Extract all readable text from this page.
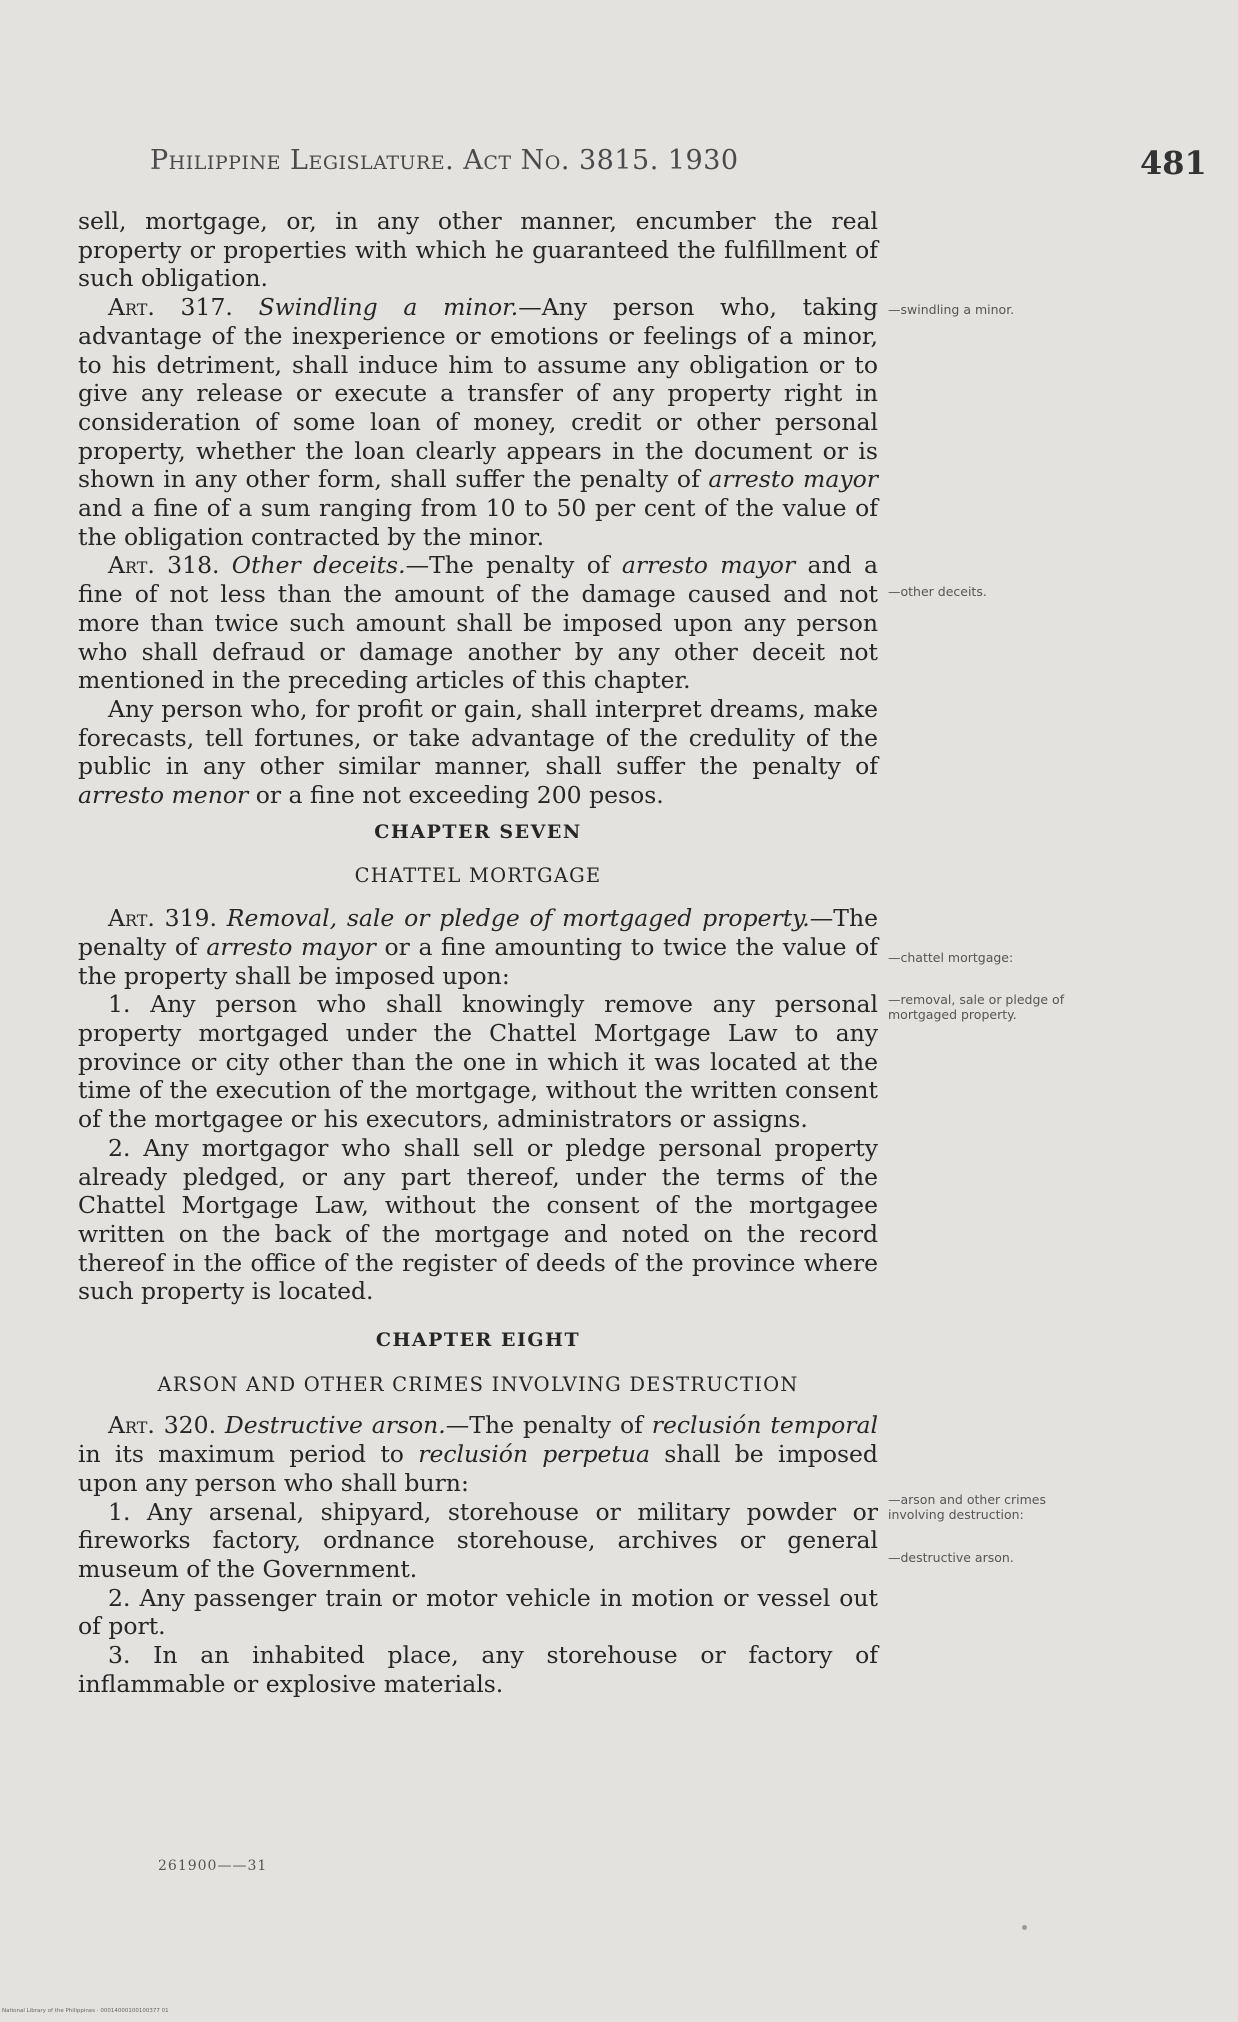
Philippine Legislature. Act No. 3815. 1930	481

sell, mortgage, or, in any other manner, encumber the real property or properties with which he guaranteed the fulfillment of such obligation.

Art. 317. Swindling a minor.—Any person who, taking advantage of the inexperience or emotions or feelings of a minor, to his detriment, shall induce him to assume any obligation or to give any release or execute a transfer of any property right in consideration of some loan of money, credit or other personal property, whether the loan clearly appears in the document or is shown in any other form, shall suffer the penalty of arresto mayor and a fine of a sum ranging from 10 to 50 per cent of the value of the obligation contracted by the minor.

Art. 318. Other deceits.—The penalty of arresto mayor and a fine of not less than the amount of the damage caused and not more than twice such amount shall be imposed upon any person who shall defraud or damage another by any other deceit not mentioned in the preceding articles of this chapter.

Any person who, for profit or gain, shall interpret dreams, make forecasts, tell fortunes, or take advantage of the credulity of the public in any other similar manner, shall suffer the penalty of arresto menor or a fine not exceeding 200 pesos.

CHAPTER SEVEN

CHATTEL MORTGAGE

Art. 319. Removal, sale or pledge of mortgaged property.—The penalty of arresto mayor or a fine amounting to twice the value of the property shall be imposed upon:

1. Any person who shall knowingly remove any personal property mortgaged under the Chattel Mortgage Law to any province or city other than the one in which it was located at the time of the execution of the mortgage, without the written consent of the mortgagee or his executors, administrators or assigns.

2. Any mortgagor who shall sell or pledge personal property already pledged, or any part thereof, under the terms of the Chattel Mortgage Law, without the consent of the mortgagee written on the back of the mortgage and noted on the record thereof in the office of the register of deeds of the province where such property is located.

CHAPTER EIGHT

ARSON AND OTHER CRIMES INVOLVING DESTRUCTION

Art. 320. Destructive arson.—The penalty of reclusión temporal in its maximum period to reclusión perpetua shall be imposed upon any person who shall burn:

1. Any arsenal, shipyard, storehouse or military powder or fireworks factory, ordnance storehouse, archives or general museum of the Government.

2. Any passenger train or motor vehicle in motion or vessel out of port.

3. In an inhabited place, any storehouse or factory of inflammable or explosive materials.

—swindling a minor.
—other deceits.
—chattel mortgage:
—removal, sale or pledge of mortgaged property.
—arson and other crimes involving destruction:
—destructive arson.
261900——31
National Library of the Philippines · 00014000100100377 01
